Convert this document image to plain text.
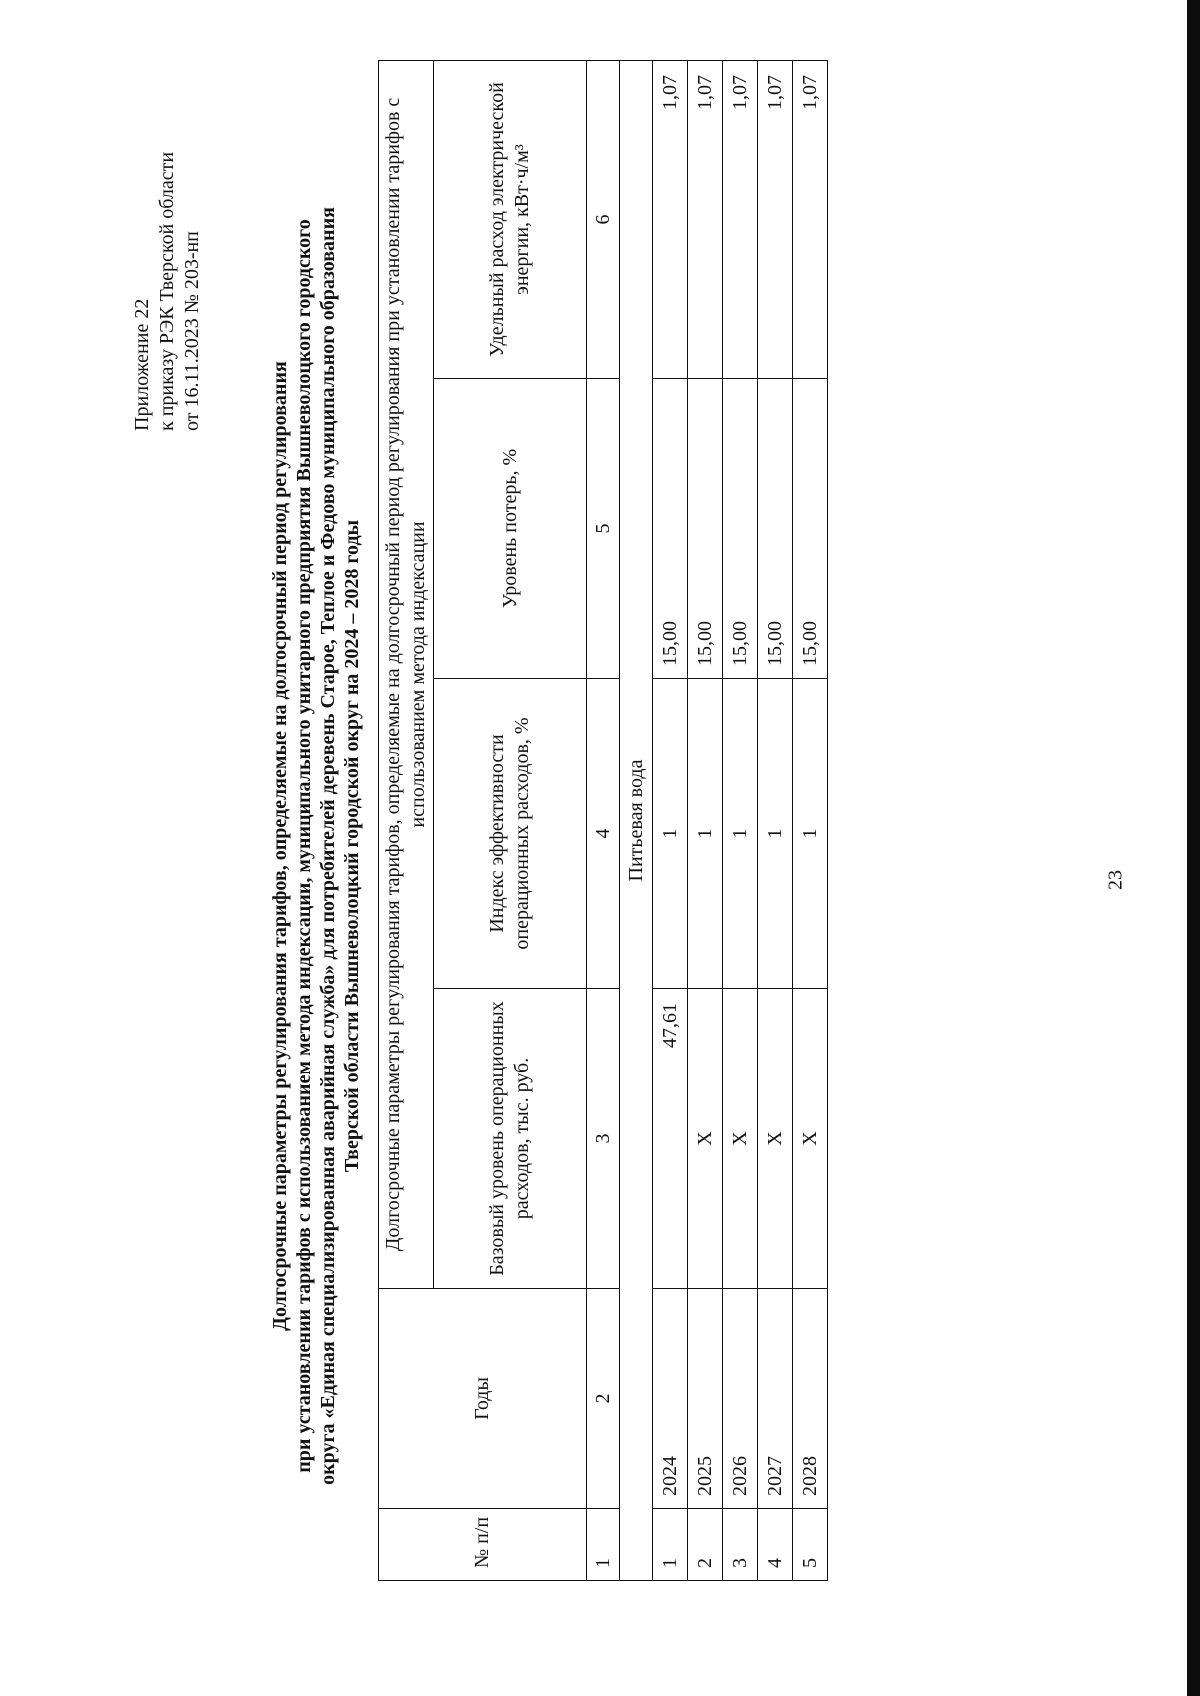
23
Приложение 22 к приказу РЭК Тверской области от 16.11.2023 № 203-нп
Долгосрочные параметры регулирования тарифов, определяемые на долгосрочный период регулирования при установлении тарифов с использованием метода индексации, муниципального унитарного предприятия Вышневолоцкого городского округа «Единая специализированная аварийная служба» для потребителей деревень Старое, Теплое и Федово муниципального образования Тверской области Вышневолоцкий городской округ на 2024 – 2028 годы
№ п/п	Годы	Долгосрочные параметры регулирования тарифов, определяемые на долгосрочный период регулирования при установлении тарифов с использованием метода индексации			
		Базовый уровень операционных расходов, тыс. руб.	Индекс эффективности операционных расходов, %	Уровень потерь, %	Удельный расход электрической энергии, кВт·ч/м³
1	2	3	4	5	6
Питьевая вода					
1	2024	47,61	1	15,00	1,07
2	2025	Х	1	15,00	1,07
3	2026	Х	1	15,00	1,07
4	2027	Х	1	15,00	1,07
5	2028	Х	1	15,00	1,07
